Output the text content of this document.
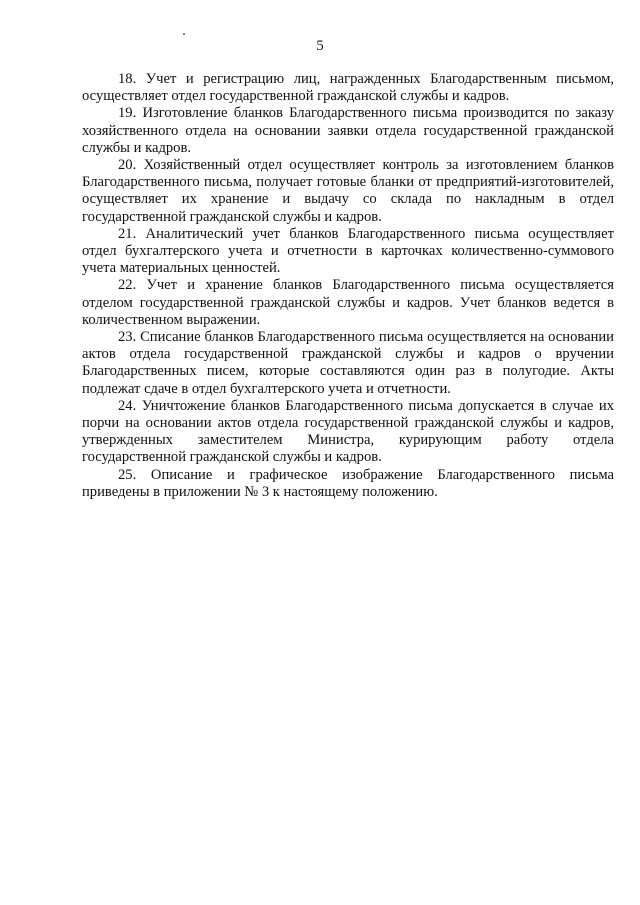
5

18. Учет и регистрацию лиц, награжденных Благодарственным письмом, осуществляет отдел государственной гражданской службы и кадров.

19. Изготовление бланков Благодарственного письма производится по заказу хозяйственного отдела на основании заявки отдела государственной гражданской службы и кадров.

20. Хозяйственный отдел осуществляет контроль за изготовлением бланков Благодарственного письма, получает готовые бланки от предприятий-изготовителей, осуществляет их хранение и выдачу со склада по накладным в отдел государственной гражданской службы и кадров.

21. Аналитический учет бланков Благодарственного письма осуществляет отдел бухгалтерского учета и отчетности в карточках количественно-суммового учета материальных ценностей.

22. Учет и хранение бланков Благодарственного письма осуществляется отделом государственной гражданской службы и кадров. Учет бланков ведется в количественном выражении.

23. Списание бланков Благодарственного письма осуществляется на основании актов отдела государственной гражданской службы и кадров о вручении Благодарственных писем, которые составляются один раз в полугодие. Акты подлежат сдаче в отдел бухгалтерского учета и отчетности.

24. Уничтожение бланков Благодарственного письма допускается в случае их порчи на основании актов отдела государственной гражданской службы и кадров, утвержденных заместителем Министра, курирующим работу отдела государственной гражданской службы и кадров.

25. Описание и графическое изображение Благодарственного письма приведены в приложении № 3 к настоящему положению.
